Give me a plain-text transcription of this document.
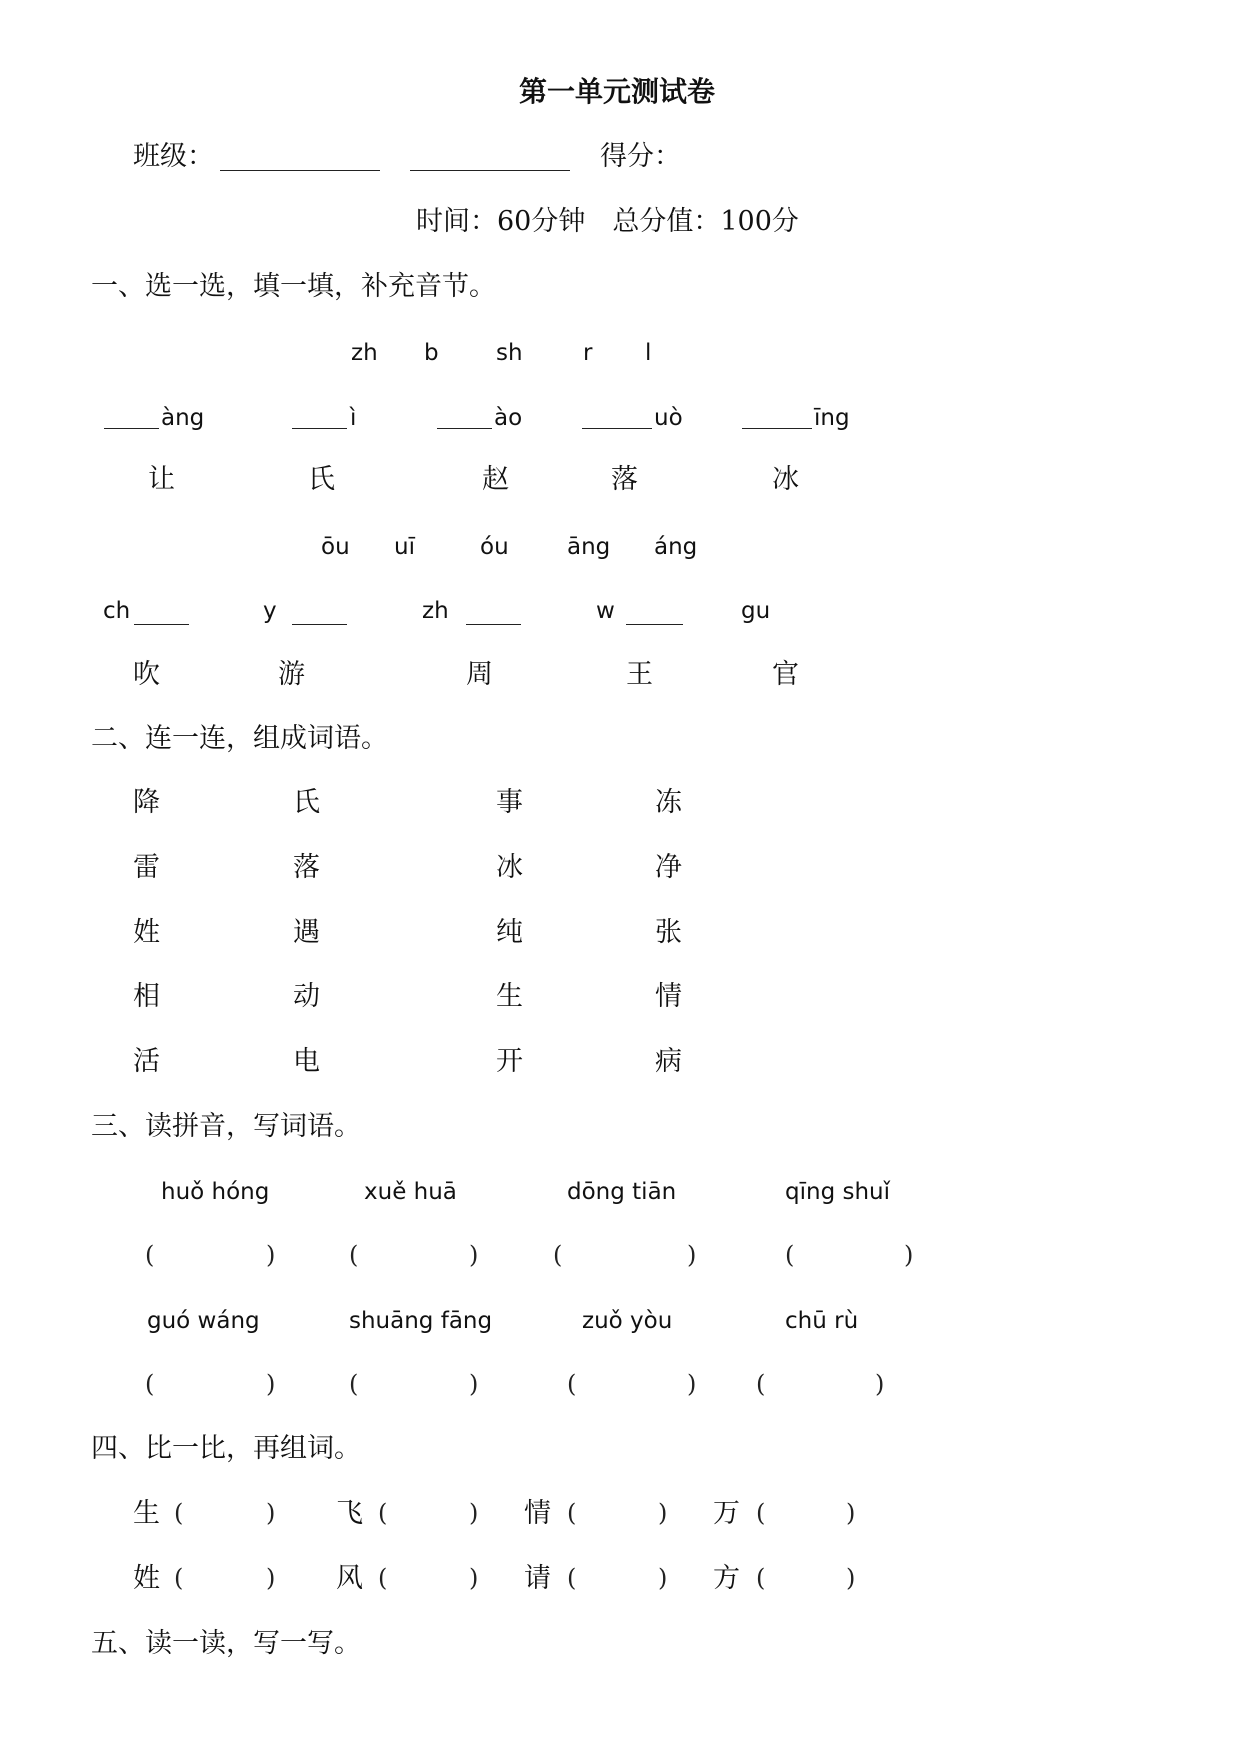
第一单元测试卷
班级：	得分：
时间：60分钟　总分值：100分
一、选一选，填一填，补充音节。
zh b sh	r l
àng	ì	ào	uò	īng
让	氏	赵	落	冰
ōu uī	óu	āng áng
ch	y	zh	w	gu
吹	游	周	王	官
二、连一连，组成词语。
降	氏	事	冻
雷	落	冰	净
姓	遇	纯	张
相	动	生	情
活	电	开	病
三、读拼音，写词语。
huǒ hóng	xuě huā	dōng tiān	qīng shuǐ
(	)	(	)	(	)	(	)
guó wáng	shuāng fāng	zuǒ yòu	chū rù
(	)	(	)	(	) (	)
四、比一比，再组词。
生 (	) 飞 (	) 情 (	) 万 (	)
姓 (	) 风 (	) 请 (	) 方 (	)
五、读一读，写一写。
